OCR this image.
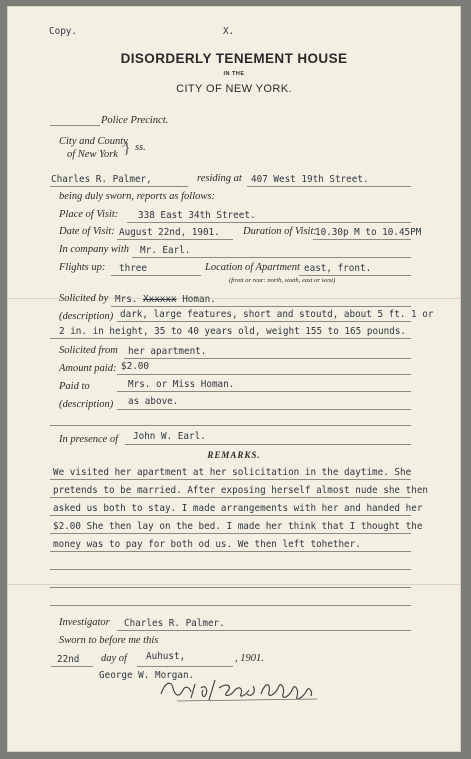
Copy.	X.
DISORDERLY TENEMENT HOUSE
IN THE
CITY OF NEW YORK.
Police Precinct.
City and County
of New York } ss.
Charles R. Palmer,	residing at 407 West 19th Street.
being duly sworn, reports as follows:
Place of Visit: 338 East 34th Street.
Date of Visit: August 22nd, 1901. Duration of Visit:
10.30p M to 10.45PM
In company with Mr. Earl.
Flights up: three	Location of Apartment east, front.
(front or rear: north, south, east or west)
Solicited by Mrs. Xxxxxx Homan.
(description) dark, large features, short and stoutd, about 5 ft. 1 or
2 in. in height, 35 to 40 years old, weight 155 to 165 pounds.
Solicited from her apartment.
Amount paid: $2.00
Paid to	Mrs. or Miss Homan.
(description) as above.
In presence of John W. Earl.
REMARKS.
We visited her apartment at her solicitation in the daytime. She
pretends to be married. After exposing herself almost nude she then
asked us both to stay. I made arrangements with her and handed her
$2.00 She then lay on the bed. I made her think that I thought the
money was to pay for both od us. We then left tohether.
Investigator Charles R. Palmer.
Sworn to before me this
22nd day of Auhust,	, 1901.
George W. Morgan.
